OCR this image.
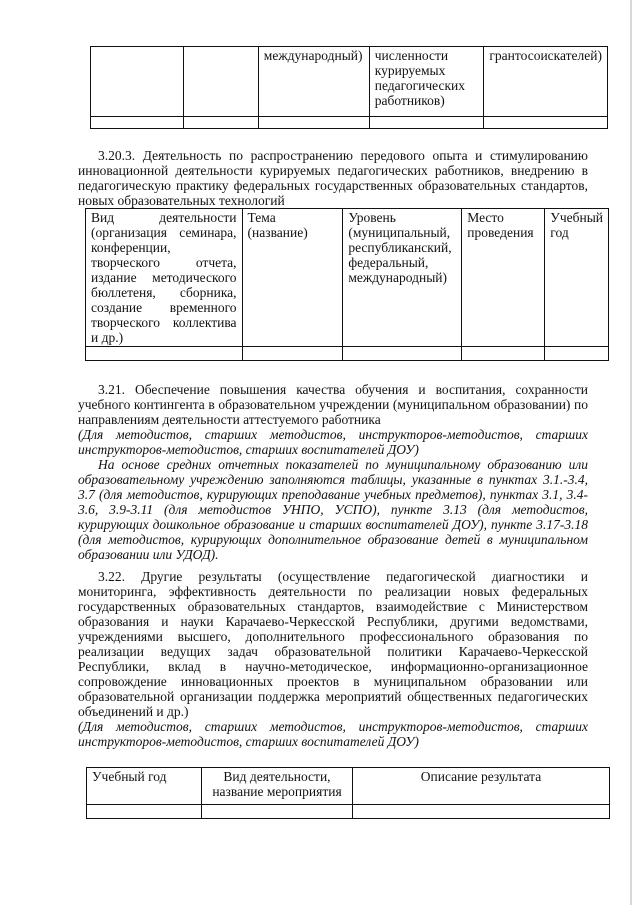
		международный)	численности курируемых педагогических работников)	грантосоискателей)

3.20.3. Деятельность по распространению передового опыта и стимулированию инновационной деятельности курируемых педагогических работников, внедрению в педагогическую практику федеральных государственных образовательных стандартов, новых образовательных технологий

Вид деятельности (организация семинара, конференции, творческого отчета, издание методического бюллетеня, сборника, создание временного творческого коллектива и др.)	Тема (название)	Уровень (муниципальный, республиканский, федеральный, международный)	Место проведения	Учебный год

3.21. Обеспечение повышения качества обучения и воспитания, сохранности учебного контингента в образовательном учреждении (муниципальном образовании) по направлениям деятельности аттестуемого работника

(Для методистов, старших методистов, инструкторов-методистов, старших инструкторов-методистов, старших воспитателей ДОУ)

На основе средних отчетных показателей по муниципальному образованию или образовательному учреждению заполняются таблицы, указанные в пунктах 3.1.-3.4, 3.7 (для методистов, курирующих преподавание учебных предметов), пунктах 3.1, 3.4-3.6, 3.9-3.11 (для методистов УНПО, УСПО), пункте 3.13 (для методистов, курирующих дошкольное образование и старших воспитателей ДОУ), пункте 3.17-3.18 (для методистов, курирующих дополнительное образование детей в муниципальном образовании или УДОД).

3.22. Другие результаты (осуществление педагогической диагностики и мониторинга, эффективность деятельности по реализации новых федеральных государственных образовательных стандартов, взаимодействие с Министерством образования и науки Карачаево-Черкесской Республики, другими ведомствами, учреждениями высшего, дополнительного профессионального образования по реализации ведущих задач образовательной политики Карачаево-Черкесской Республики, вклад в научно-методическое, информационно-организационное сопровождение инновационных проектов в муниципальном образовании или образовательной организации поддержка мероприятий общественных педагогических объединений и др.)

(Для методистов, старших методистов, инструкторов-методистов, старших инструкторов-методистов, старших воспитателей ДОУ)

Учебный год	Вид деятельности, название мероприятия	Описание результата
